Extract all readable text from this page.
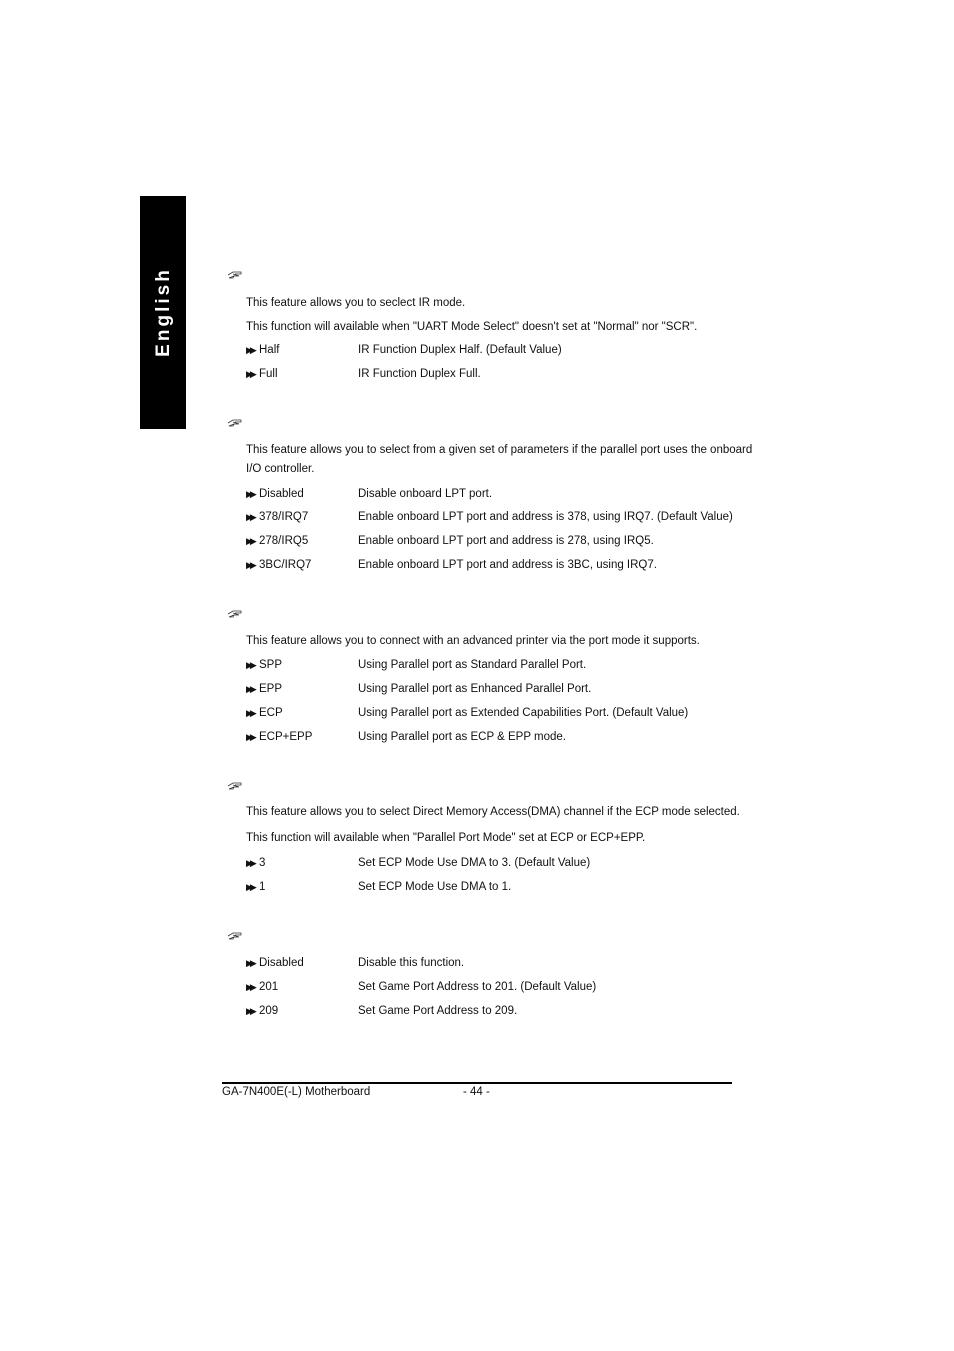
English	This feature allows you to seclect IR mode.
This function will available when "UART Mode Select" doesn't set at "Normal" nor "SCR".
▶▶ Half	IR Function Duplex Half. (Default Value)
▶▶ Full	IR Function Duplex Full.
This feature allows you to select from a given set of parameters if the parallel port uses the onboard
I/O controller.
▶▶ Disabled	Disable onboard LPT port.
▶▶ 378/IRQ7	Enable onboard LPT port and address is 378, using IRQ7. (Default Value)
▶▶ 278/IRQ5	Enable onboard LPT port and address is 278, using IRQ5.
▶▶ 3BC/IRQ7	Enable onboard LPT port and address is 3BC, using IRQ7.
This feature allows you to connect with an advanced printer via the port mode it supports.
▶▶ SPP	Using Parallel port as Standard Parallel Port.
▶▶ EPP	Using Parallel port as Enhanced Parallel Port.
▶▶ ECP	Using Parallel port as Extended Capabilities Port. (Default Value)
▶▶ ECP+EPP	Using Parallel port as ECP & EPP mode.
This feature allows you to select Direct Memory Access(DMA) channel if the ECP mode selected.
This function will available when "Parallel Port Mode" set at ECP or ECP+EPP.
▶▶ 3	Set ECP Mode Use DMA to 3. (Default Value)
▶▶ 1	Set ECP Mode Use DMA to 1.
▶▶ Disabled	Disable this function.
▶▶ 201	Set Game Port Address to 201. (Default Value)
▶▶ 209	Set Game Port Address to 209.
GA-7N400E(-L) Motherboard	- 44 -
